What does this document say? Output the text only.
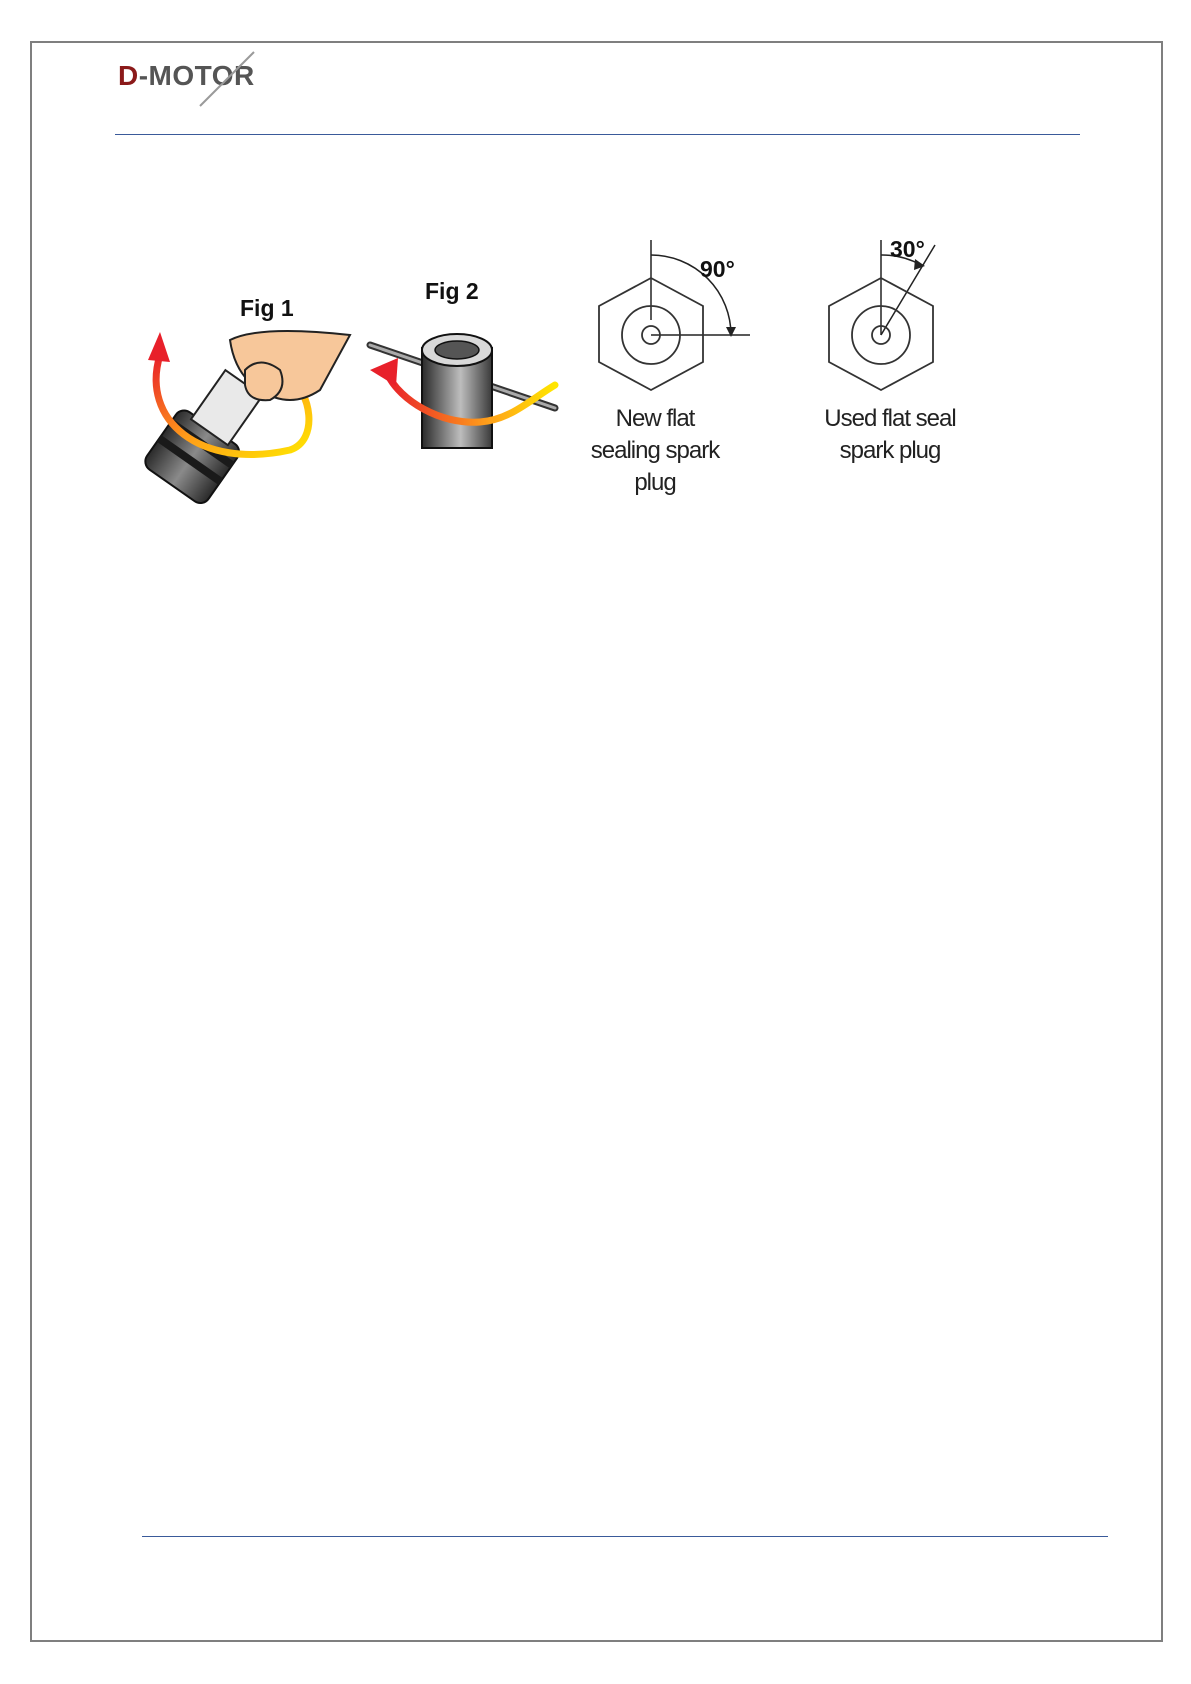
D-MOTOR
Fig 1
Fig 2
90°
New flat
sealing spark
plug
30°
Used flat seal
spark plug
